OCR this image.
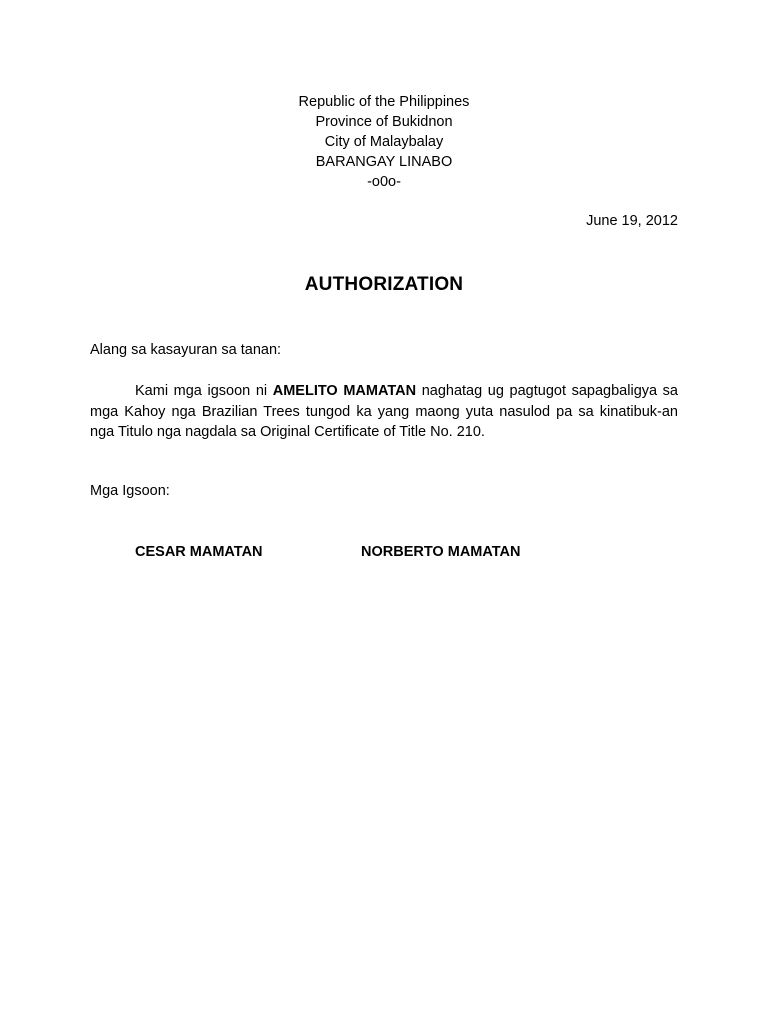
Republic of the Philippines
Province of Bukidnon
City of Malaybalay
BARANGAY LINABO
-o0o-
June 19, 2012
AUTHORIZATION
Alang sa kasayuran sa tanan:
Kami mga igsoon ni AMELITO MAMATAN naghatag ug pagtugot sapagbaligya sa mga Kahoy nga Brazilian Trees tungod ka yang maong yuta nasulod pa sa kinatibuk-an nga Titulo nga nagdala sa Original Certificate of Title No. 210.
Mga Igsoon:
CESAR MAMATAN	NORBERTO MAMATAN
